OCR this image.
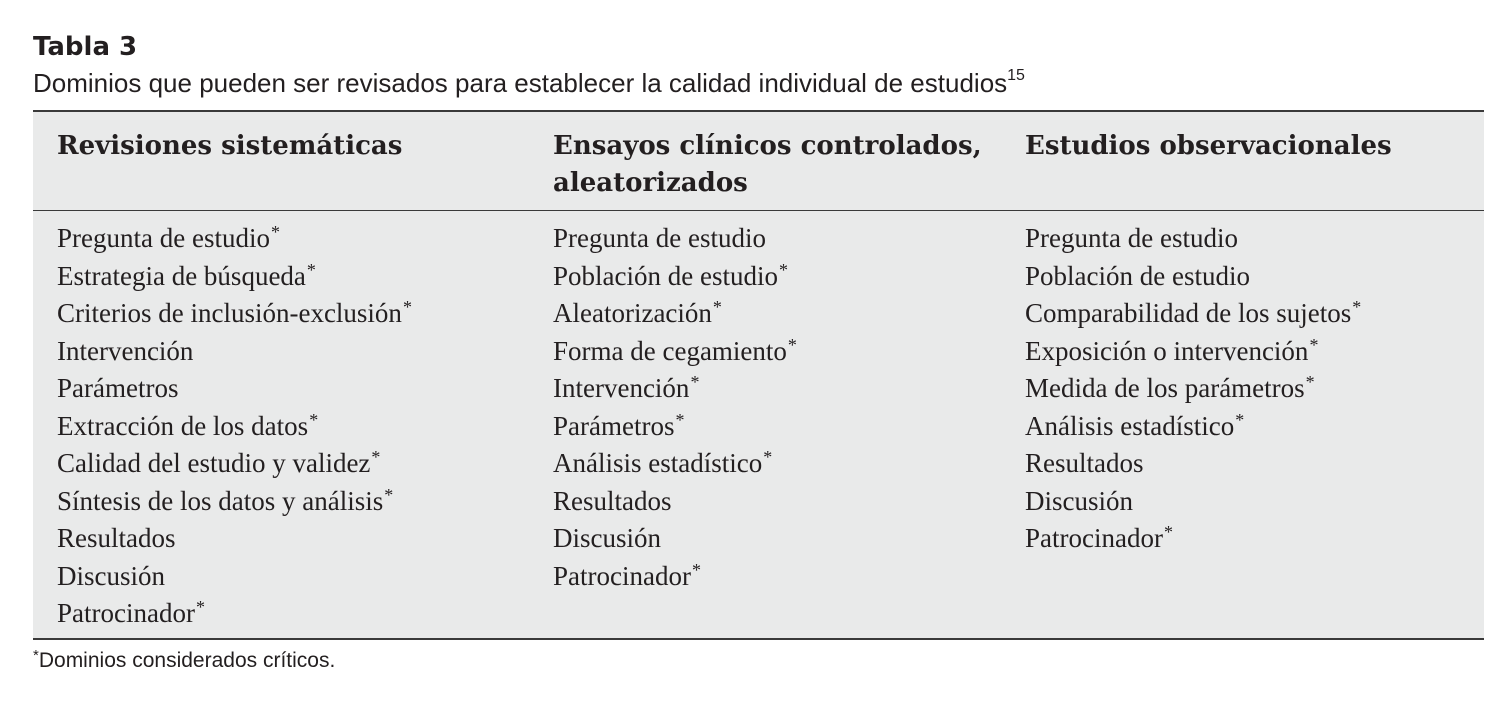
Tabla 3
Dominios que pueden ser revisados para establecer la calidad individual de estudios$^{15}$
Revisiones sistemáticas	Ensayos clínicos controlados, aleatorizados
Estudios observacionales
Pregunta de estudio*
Estrategia de búsqueda*
Criterios de inclusión-exclusión*
Intervención
Parámetros
Extracción de los datos*
Calidad del estudio y validez*
Síntesis de los datos y análisis*
Resultados
Discusión
Patrocinador*
Pregunta de estudio
Población de estudio*
Aleatorización*
Forma de cegamiento*
Intervención*
Parámetros*
Análisis estadístico*
Resultados
Discusión
Patrocinador*
Pregunta de estudio
Población de estudio
Comparabilidad de los sujetos*
Exposición o intervención*
Medida de los parámetros*
Análisis estadístico*
Resultados
Discusión
Patrocinador*
*Dominios considerados críticos.
